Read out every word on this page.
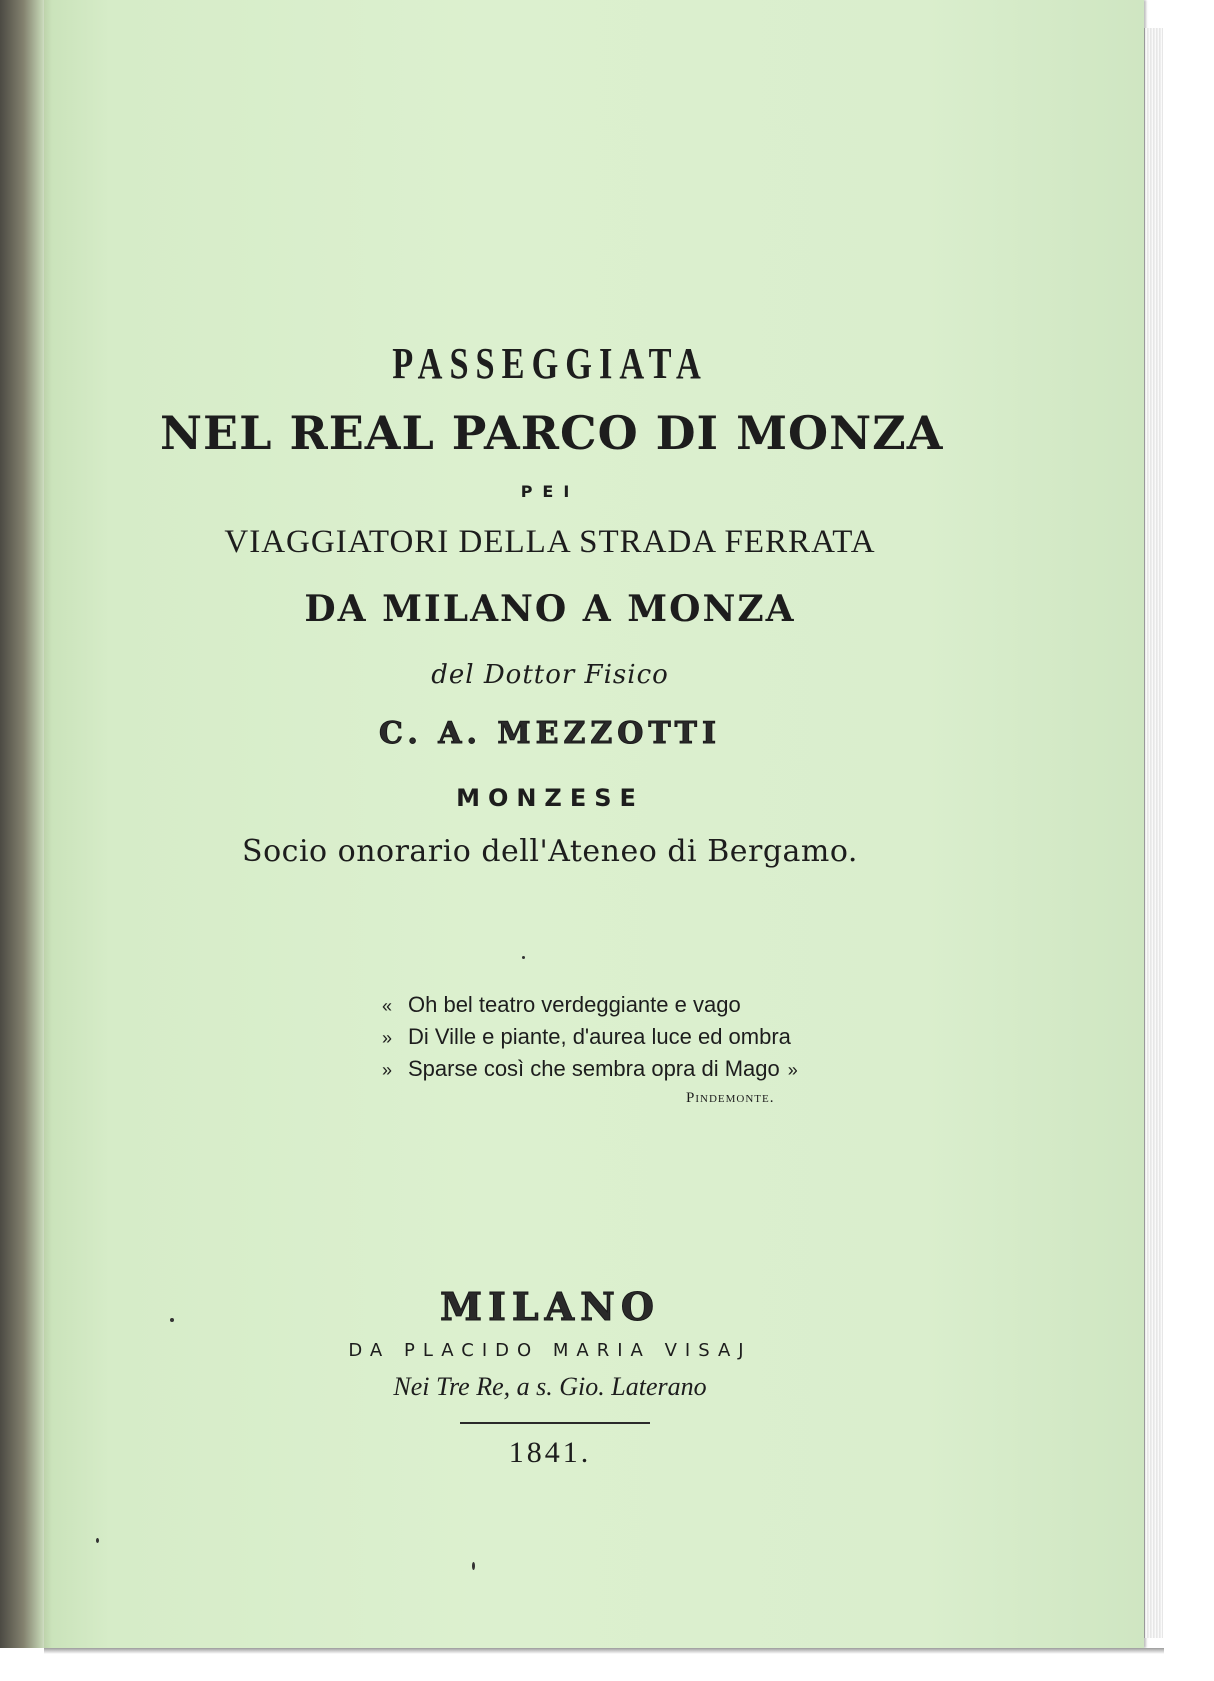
PASSEGGIATA
NEL REAL PARCO DI MONZA
PEI
VIAGGIATORI DELLA STRADA FERRATA
DA MILANO A MONZA
del Dottor Fisico
C. A. MEZZOTTI
MONZESE
Socio onorario dell'Ateneo di Bergamo.
« Oh bel teatro verdeggiante e vago
» Di Ville e piante, d'aurea luce ed ombra
» Sparse così che sembra opra di Mago »
Pindemonte.
MILANO
DA PLACIDO MARIA VISAJ
Nei Tre Re, a s. Gio. Laterano
1841.
